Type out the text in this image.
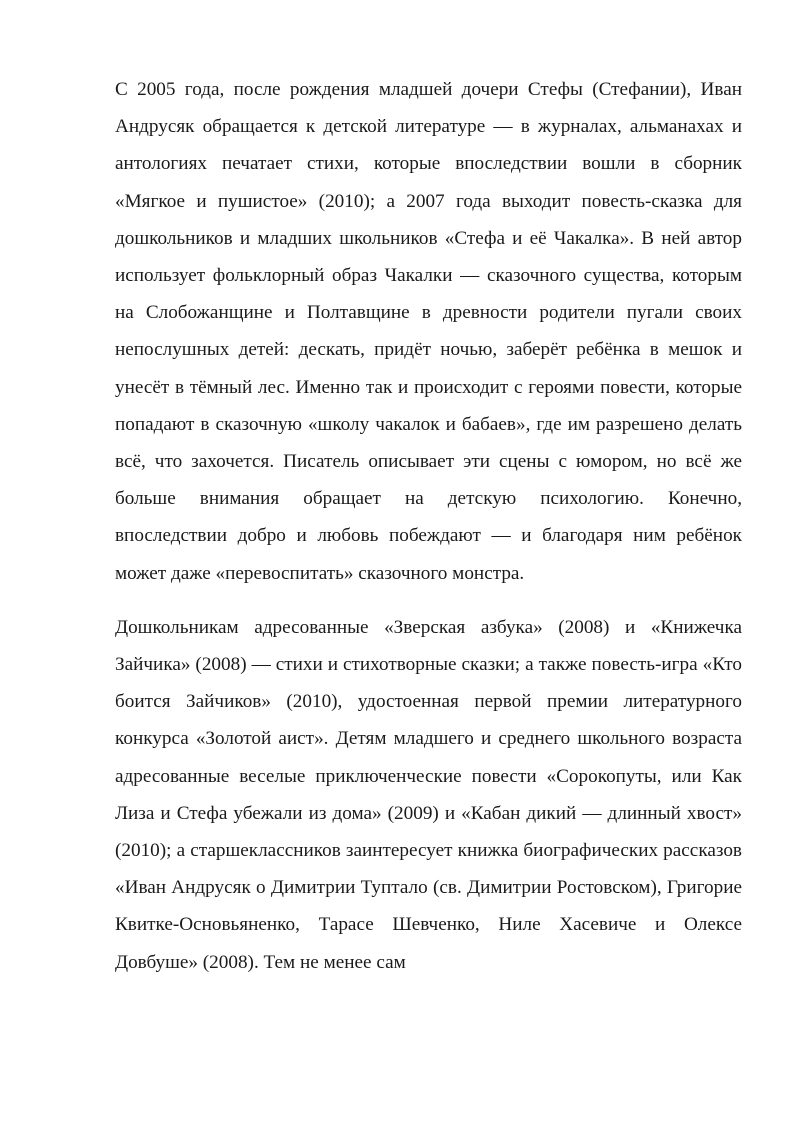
С 2005 года, после рождения младшей дочери Стефы (Стефании), Иван Андрусяк обращается к детской литературе — в журналах, альманахах и антологиях печатает стихи, которые впоследствии вошли в сборник «Мягкое и пушистое» (2010); а 2007 года выходит повесть-сказка для дошкольников и младших школьников «Стефа и её Чакалка». В ней автор использует фольклорный образ Чакалки — сказочного существа, которым на Слобожанщине и Полтавщине в древности родители пугали своих непослушных детей: дескать, придёт ночью, заберёт ребёнка в мешок и унесёт в тёмный лес. Именно так и происходит с героями повести, которые попадают в сказочную «школу чакалок и бабаев», где им разрешено делать всё, что захочется. Писатель описывает эти сцены с юмором, но всё же больше внимания обращает на детскую психологию. Конечно, впоследствии добро и любовь побеждают — и благодаря ним ребёнок может даже «перевоспитать» сказочного монстра.

Дошкольникам адресованные «Зверская азбука» (2008) и «Книжечка Зайчика» (2008) — стихи и стихотворные сказки; а также повесть-игра «Кто боится Зайчиков» (2010), удостоенная первой премии литературного конкурса «Золотой аист». Детям младшего и среднего школьного возраста адресованные веселые приключенческие повести «Сорокопуты, или Как Лиза и Стефа убежали из дома» (2009) и «Кабан дикий — длинный хвост» (2010); а старшеклассников заинтересует книжка биографических рассказов «Иван Андрусяк о Димитрии Туптало (св. Димитрии Ростовском), Григорие Квитке-Основьяненко, Тарасе Шевченко, Ниле Хасевиче и Олексе Довбуше» (2008). Тем не менее сам
